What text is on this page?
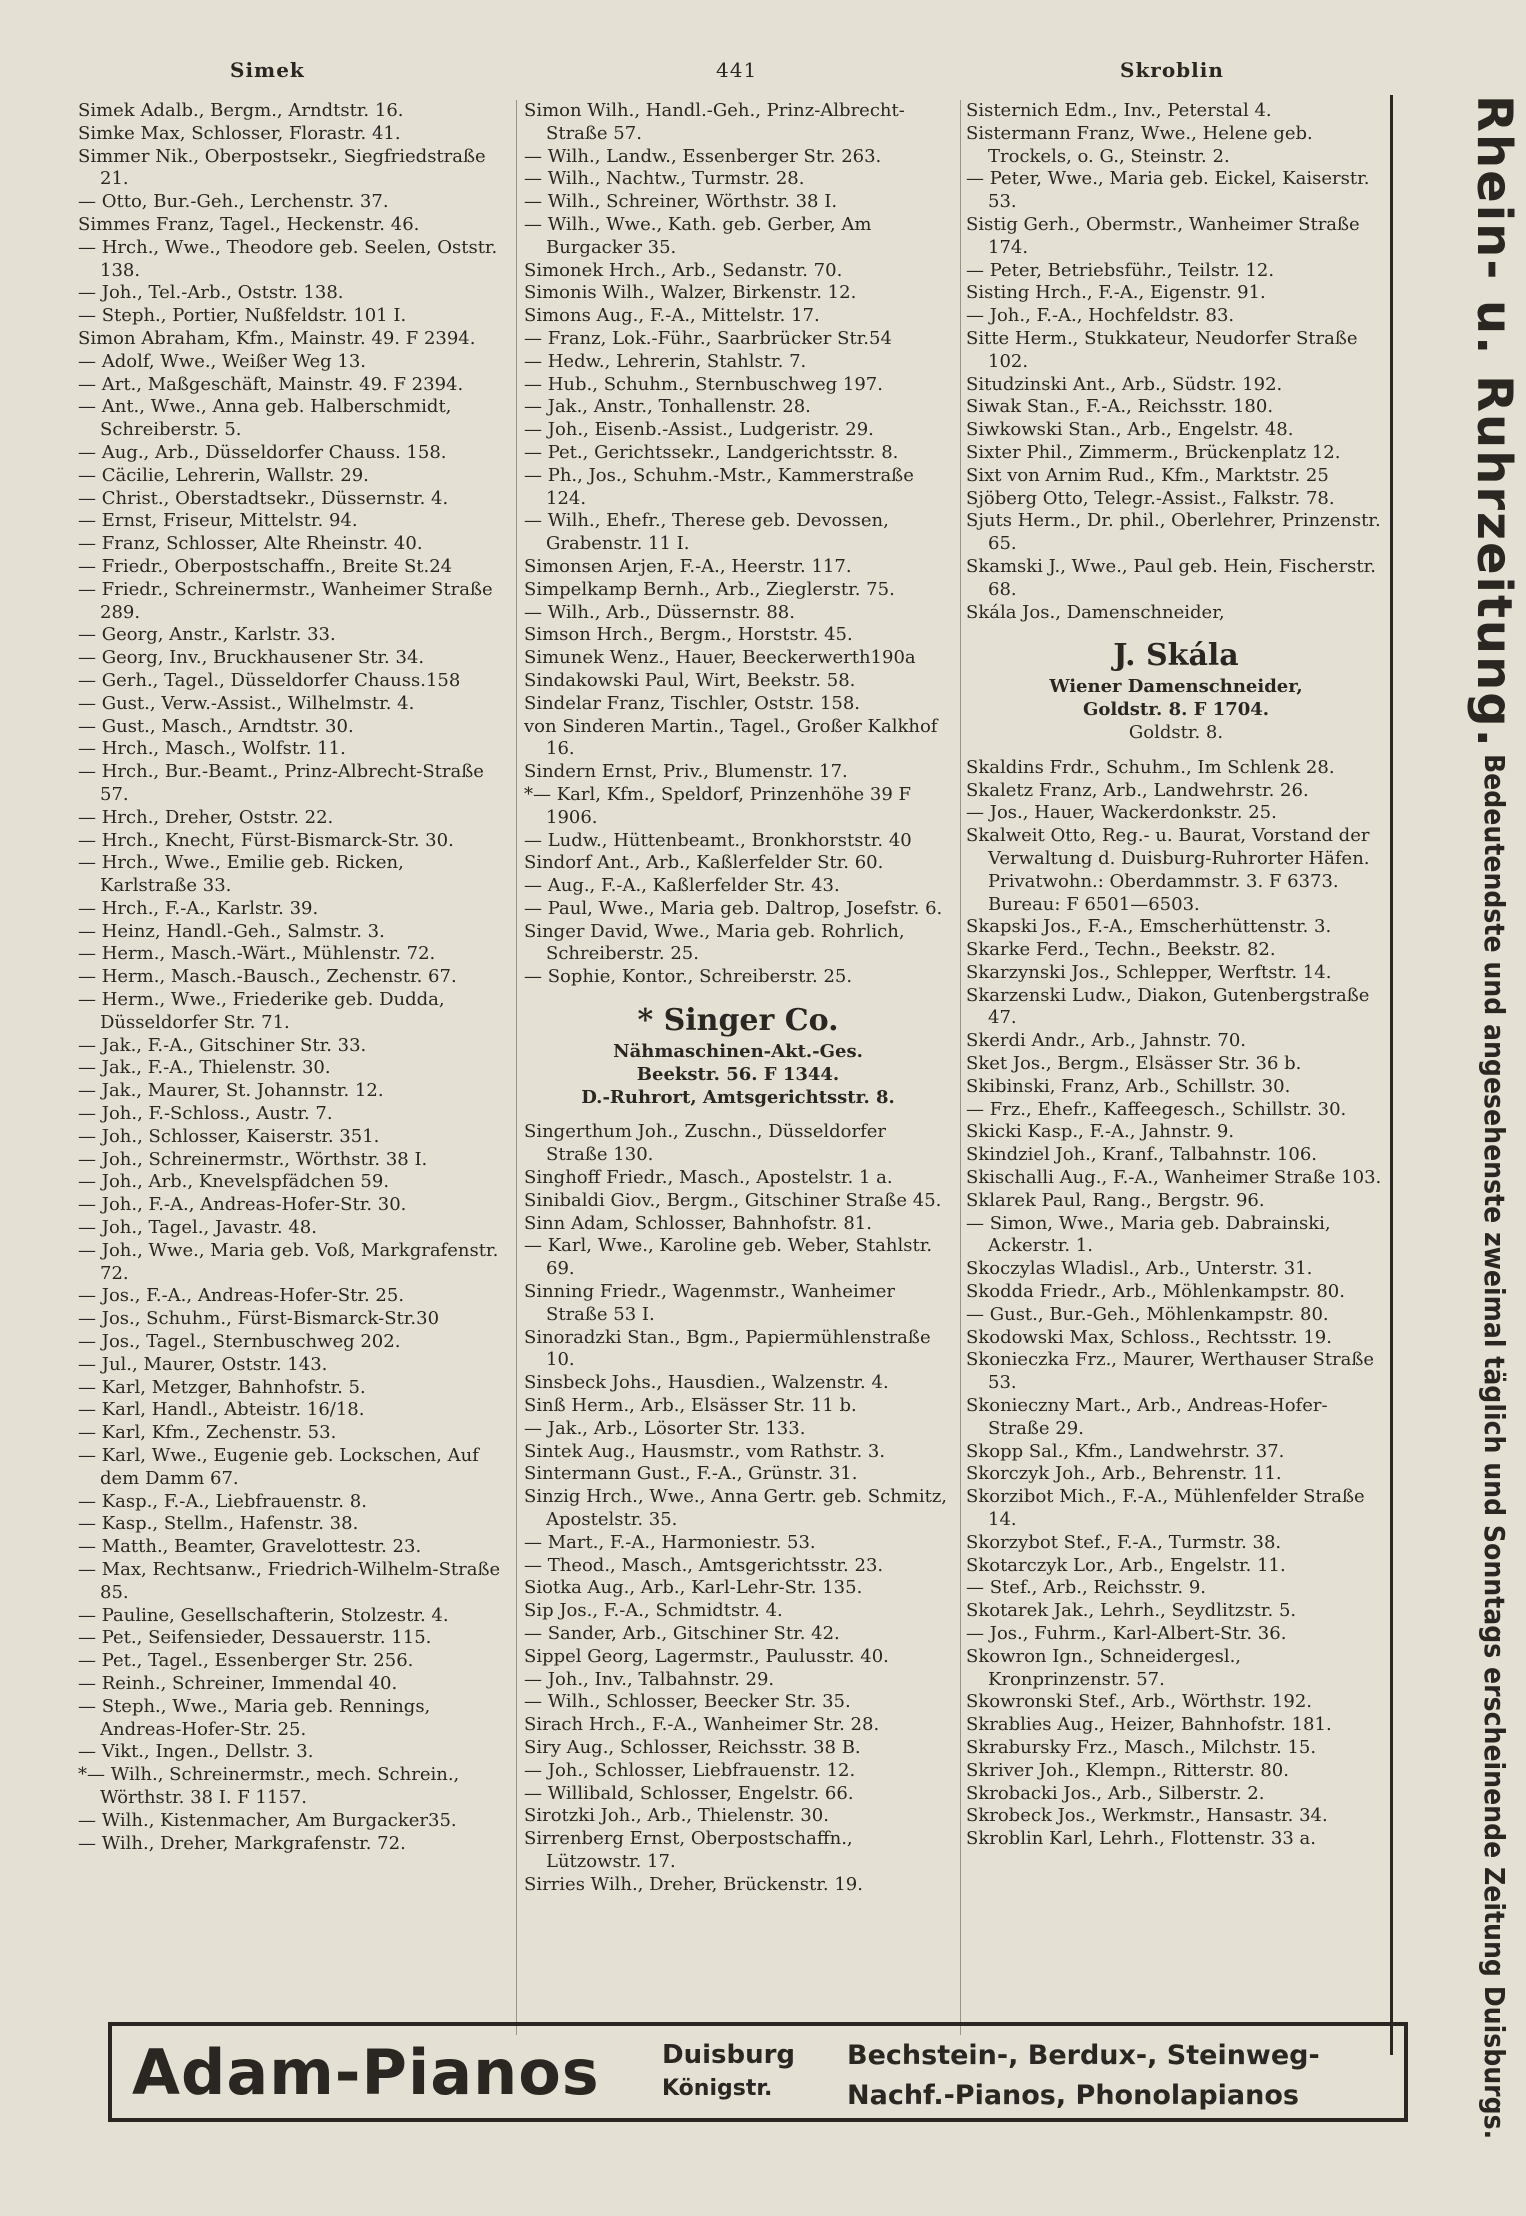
Simek	441	Skroblin
Simek Adalb., Bergm., Arndtstr. 16.
Simke Max, Schlosser, Florastr. 41.
Simmer Nik., Oberpostsekr., Siegfriedstraße 21.
— Otto, Bur.-Geh., Lerchenstr. 37.
Simmes Franz, Tagel., Heckenstr. 46.
— Hrch., Wwe., Theodore geb. Seelen, Oststr. 138.
— Joh., Tel.-Arb., Oststr. 138.
— Steph., Portier, Nußfeldstr. 101 I.
Simon Abraham, Kfm., Mainstr. 49. F 2394.
— Adolf, Wwe., Weißer Weg 13.
— Art., Maßgeschäft, Mainstr. 49. F 2394.
— Ant., Wwe., Anna geb. Halberschmidt, Schreiberstr. 5.
— Aug., Arb., Düsseldorfer Chauss. 158.
— Cäcilie, Lehrerin, Wallstr. 29.
— Christ., Oberstadtsekr., Düssernstr. 4.
— Ernst, Friseur, Mittelstr. 94.
— Franz, Schlosser, Alte Rheinstr. 40.
— Friedr., Oberpostschaffn., Breite St.24
— Friedr., Schreinermstr., Wanheimer Straße 289.
— Georg, Anstr., Karlstr. 33.
— Georg, Inv., Bruckhausener Str. 34.
— Gerh., Tagel., Düsseldorfer Chauss.158
— Gust., Verw.-Assist., Wilhelmstr. 4.
— Gust., Masch., Arndtstr. 30.
— Hrch., Masch., Wolfstr. 11.
— Hrch., Bur.-Beamt., Prinz-Albrecht-Straße 57.
— Hrch., Dreher, Oststr. 22.
— Hrch., Knecht, Fürst-Bismarck-Str. 30.
— Hrch., Wwe., Emilie geb. Ricken, Karlstraße 33.
— Hrch., F.-A., Karlstr. 39.
— Heinz, Handl.-Geh., Salmstr. 3.
— Herm., Masch.-Wärt., Mühlenstr. 72.
— Herm., Masch.-Bausch., Zechenstr. 67.
— Herm., Wwe., Friederike geb. Dudda, Düsseldorfer Str. 71.
— Jak., F.-A., Gitschiner Str. 33.
— Jak., F.-A., Thielenstr. 30.
— Jak., Maurer, St. Johannstr. 12.
— Joh., F.-Schloss., Austr. 7.
— Joh., Schlosser, Kaiserstr. 351.
— Joh., Schreinermstr., Wörthstr. 38 I.
— Joh., Arb., Knevelspfädchen 59.
— Joh., F.-A., Andreas-Hofer-Str. 30.
— Joh., Tagel., Javastr. 48.
— Joh., Wwe., Maria geb. Voß, Markgrafenstr. 72.
— Jos., F.-A., Andreas-Hofer-Str. 25.
— Jos., Schuhm., Fürst-Bismarck-Str.30
— Jos., Tagel., Sternbuschweg 202.
— Jul., Maurer, Oststr. 143.
— Karl, Metzger, Bahnhofstr. 5.
— Karl, Handl., Abteistr. 16/18.
— Karl, Kfm., Zechenstr. 53.
— Karl, Wwe., Eugenie geb. Lockschen, Auf dem Damm 67.
— Kasp., F.-A., Liebfrauenstr. 8.
— Kasp., Stellm., Hafenstr. 38.
— Matth., Beamter, Gravelottestr. 23.
— Max, Rechtsanw., Friedrich-Wilhelm-Straße 85.
— Pauline, Gesellschafterin, Stolzestr. 4.
— Pet., Seifensieder, Dessauerstr. 115.
— Pet., Tagel., Essenberger Str. 256.
— Reinh., Schreiner, Immendal 40.
— Steph., Wwe., Maria geb. Rennings, Andreas-Hofer-Str. 25.
— Vikt., Ingen., Dellstr. 3.
*— Wilh., Schreinermstr., mech. Schrein., Wörthstr. 38 I. F 1157.
— Wilh., Kistenmacher, Am Burgacker35.
— Wilh., Dreher, Markgrafenstr. 72.
Simon Wilh., Handl.-Geh., Prinz-Albrecht-Straße 57.
— Wilh., Landw., Essenberger Str. 263.
— Wilh., Nachtw., Turmstr. 28.
— Wilh., Schreiner, Wörthstr. 38 I.
— Wilh., Wwe., Kath. geb. Gerber, Am Burgacker 35.
Simonek Hrch., Arb., Sedanstr. 70.
Simonis Wilh., Walzer, Birkenstr. 12.
Simons Aug., F.-A., Mittelstr. 17.
— Franz, Lok.-Führ., Saarbrücker Str.54
— Hedw., Lehrerin, Stahlstr. 7.
— Hub., Schuhm., Sternbuschweg 197.
— Jak., Anstr., Tonhallenstr. 28.
— Joh., Eisenb.-Assist., Ludgeristr. 29.
— Pet., Gerichtssekr., Landgerichtsstr. 8.
— Ph., Jos., Schuhm.-Mstr., Kammerstraße 124.
— Wilh., Ehefr., Therese geb. Devossen, Grabenstr. 11 I.
Simonsen Arjen, F.-A., Heerstr. 117.
Simpelkamp Bernh., Arb., Zieglerstr. 75.
— Wilh., Arb., Düssernstr. 88.
Simson Hrch., Bergm., Horststr. 45.
Simunek Wenz., Hauer, Beeckerwerth190a
Sindakowski Paul, Wirt, Beekstr. 58.
Sindelar Franz, Tischler, Oststr. 158.
von Sinderen Martin., Tagel., Großer Kalkhof 16.
Sindern Ernst, Priv., Blumenstr. 17.
*— Karl, Kfm., Speldorf, Prinzenhöhe 39 F 1906.
— Ludw., Hüttenbeamt., Bronkhorststr. 40
Sindorf Ant., Arb., Kaßlerfelder Str. 60.
— Aug., F.-A., Kaßlerfelder Str. 43.
— Paul, Wwe., Maria geb. Daltrop, Josefstr. 6.
Singer David, Wwe., Maria geb. Rohrlich, Schreiberstr. 25.
— Sophie, Kontor., Schreiberstr. 25.
* Singer Co.
Nähmaschinen-Akt.-Ges.
Beekstr. 56. F 1344.
D.-Ruhrort, Amtsgerichtsstr. 8.
Singerthum Joh., Zuschn., Düsseldorfer Straße 130.
Singhoff Friedr., Masch., Apostelstr. 1 a.
Sinibaldi Giov., Bergm., Gitschiner Straße 45.
Sinn Adam, Schlosser, Bahnhofstr. 81.
— Karl, Wwe., Karoline geb. Weber, Stahlstr. 69.
Sinning Friedr., Wagenmstr., Wanheimer Straße 53 I.
Sinoradzki Stan., Bgm., Papiermühlenstraße 10.
Sinsbeck Johs., Hausdien., Walzenstr. 4.
Sinß Herm., Arb., Elsässer Str. 11 b.
— Jak., Arb., Lösorter Str. 133.
Sintek Aug., Hausmstr., vom Rathstr. 3.
Sintermann Gust., F.-A., Grünstr. 31.
Sinzig Hrch., Wwe., Anna Gertr. geb. Schmitz, Apostelstr. 35.
— Mart., F.-A., Harmoniestr. 53.
— Theod., Masch., Amtsgerichtsstr. 23.
Siotka Aug., Arb., Karl-Lehr-Str. 135.
Sip Jos., F.-A., Schmidtstr. 4.
— Sander, Arb., Gitschiner Str. 42.
Sippel Georg, Lagermstr., Paulusstr. 40.
— Joh., Inv., Talbahnstr. 29.
— Wilh., Schlosser, Beecker Str. 35.
Sirach Hrch., F.-A., Wanheimer Str. 28.
Siry Aug., Schlosser, Reichsstr. 38 B.
— Joh., Schlosser, Liebfrauenstr. 12.
— Willibald, Schlosser, Engelstr. 66.
Sirotzki Joh., Arb., Thielenstr. 30.
Sirrenberg Ernst, Oberpostschaffn., Lützowstr. 17.
Sirries Wilh., Dreher, Brückenstr. 19.
Sisternich Edm., Inv., Peterstal 4.
Sistermann Franz, Wwe., Helene geb. Trockels, o. G., Steinstr. 2.
— Peter, Wwe., Maria geb. Eickel, Kaiserstr. 53.
Sistig Gerh., Obermstr., Wanheimer Straße 174.
— Peter, Betriebsführ., Teilstr. 12.
Sisting Hrch., F.-A., Eigenstr. 91.
— Joh., F.-A., Hochfeldstr. 83.
Sitte Herm., Stukkateur, Neudorfer Straße 102.
Situdzinski Ant., Arb., Südstr. 192.
Siwak Stan., F.-A., Reichsstr. 180.
Siwkowski Stan., Arb., Engelstr. 48.
Sixter Phil., Zimmerm., Brückenplatz 12.
Sixt von Arnim Rud., Kfm., Marktstr. 25
Sjöberg Otto, Telegr.-Assist., Falkstr. 78.
Sjuts Herm., Dr. phil., Oberlehrer, Prinzenstr. 65.
Skamski J., Wwe., Paul geb. Hein, Fischerstr. 68.
Skála Jos., Damenschneider,
J. Skála
Wiener Damenschneider,
Goldstr. 8. F 1704.
Goldstr. 8.
Skaldins Frdr., Schuhm., Im Schlenk 28.
Skaletz Franz, Arb., Landwehrstr. 26.
— Jos., Hauer, Wackerdonkstr. 25.
Skalweit Otto, Reg.- u. Baurat, Vorstand der Verwaltung d. Duisburg-Ruhrorter Häfen. Privatwohn.: Oberdammstr. 3. F 6373. Bureau: F 6501—6503.
Skapski Jos., F.-A., Emscherhüttenstr. 3.
Skarke Ferd., Techn., Beekstr. 82.
Skarzynski Jos., Schlepper, Werftstr. 14.
Skarzenski Ludw., Diakon, Gutenbergstraße 47.
Skerdi Andr., Arb., Jahnstr. 70.
Sket Jos., Bergm., Elsässer Str. 36 b.
Skibinski, Franz, Arb., Schillstr. 30.
— Frz., Ehefr., Kaffeegesch., Schillstr. 30.
Skicki Kasp., F.-A., Jahnstr. 9.
Skindziel Joh., Kranf., Talbahnstr. 106.
Skischalli Aug., F.-A., Wanheimer Straße 103.
Sklarek Paul, Rang., Bergstr. 96.
— Simon, Wwe., Maria geb. Dabrainski, Ackerstr. 1.
Skoczylas Wladisl., Arb., Unterstr. 31.
Skodda Friedr., Arb., Möhlenkampstr. 80.
— Gust., Bur.-Geh., Möhlenkampstr. 80.
Skodowski Max, Schloss., Rechtsstr. 19.
Skonieczka Frz., Maurer, Werthauser Straße 53.
Skonieczny Mart., Arb., Andreas-Hofer-Straße 29.
Skopp Sal., Kfm., Landwehrstr. 37.
Skorczyk Joh., Arb., Behrenstr. 11.
Skorzibot Mich., F.-A., Mühlenfelder Straße 14.
Skorzybot Stef., F.-A., Turmstr. 38.
Skotarczyk Lor., Arb., Engelstr. 11.
— Stef., Arb., Reichsstr. 9.
Skotarek Jak., Lehrh., Seydlitzstr. 5.
— Jos., Fuhrm., Karl-Albert-Str. 36.
Skowron Ign., Schneidergesl., Kronprinzenstr. 57.
Skowronski Stef., Arb., Wörthstr. 192.
Skrablies Aug., Heizer, Bahnhofstr. 181.
Skrabursky Frz., Masch., Milchstr. 15.
Skriver Joh., Klempn., Ritterstr. 80.
Skrobacki Jos., Arb., Silberstr. 2.
Skrobeck Jos., Werkmstr., Hansastr. 34.
Skroblin Karl, Lehrh., Flottenstr. 33 a.
Rhein- u. Ruhrzeitung. Bedeutendste und angesehenste zweimal täglich und Sonntags erscheinende Zeitung Duisburgs.
Adam-Pianos Duisburg
Königstr.
Bechstein-, Berdux-, Steinweg-
Nachf.-Pianos, Phonolapianos
